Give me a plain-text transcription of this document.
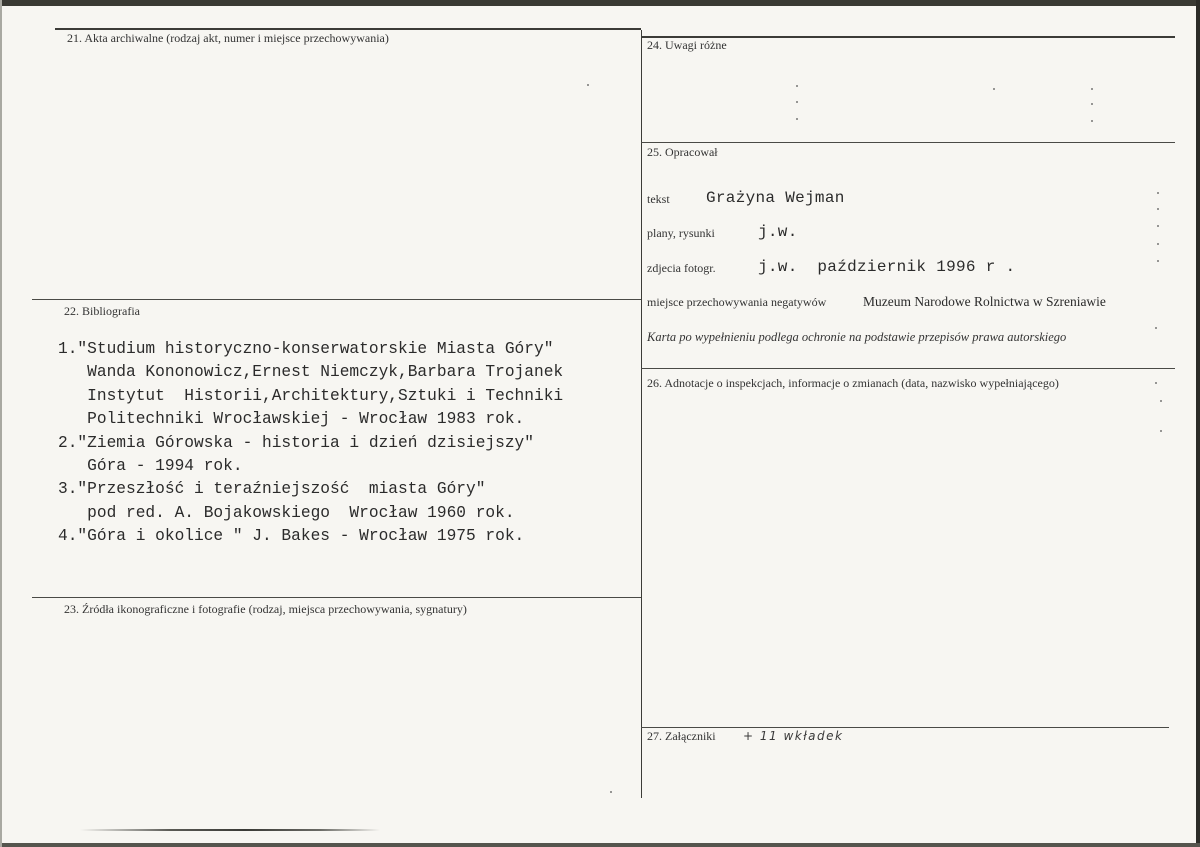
21. Akta archiwalne (rodzaj akt, numer i miejsce przechowywania)
22. Bibliografia
1."Studium historyczno-konserwatorskie Miasta Góry"
Wanda Kononowicz,Ernest Niemczyk,Barbara Trojanek
Instytut  Historii,Architektury,Sztuki i Techniki
Politechniki Wrocławskiej - Wrocław 1983 rok.
2."Ziemia Górowska - historia i dzień dzisiejszy"
Góra - 1994 rok.
3."Przeszłość i teraźniejszość  miasta Góry"
pod red. A. Bojakowskiego  Wrocław 1960 rok.
4."Góra i okolice " J. Bakes - Wrocław 1975 rok.
23. Źródła ikonograficzne i fotografie (rodzaj, miejsca przechowywania, sygnatury)
24. Uwagi różne
25. Opracował
tekst Grażyna Wejman
plany, rysunki	j.w.
zdjecia fotogr.	j.w.  październik 1996 r .
miejsce przechowywania negatywów	Muzeum Narodowe Rolnictwa w Szreniawie
Karta po wypełnieniu podlega ochronie na podstawie przepisów prawa autorskiego
26. Adnotacje o inspekcjach, informacje o zmianach (data, nazwisko wypełniającego)
27. Załączniki + 11 wkładek
